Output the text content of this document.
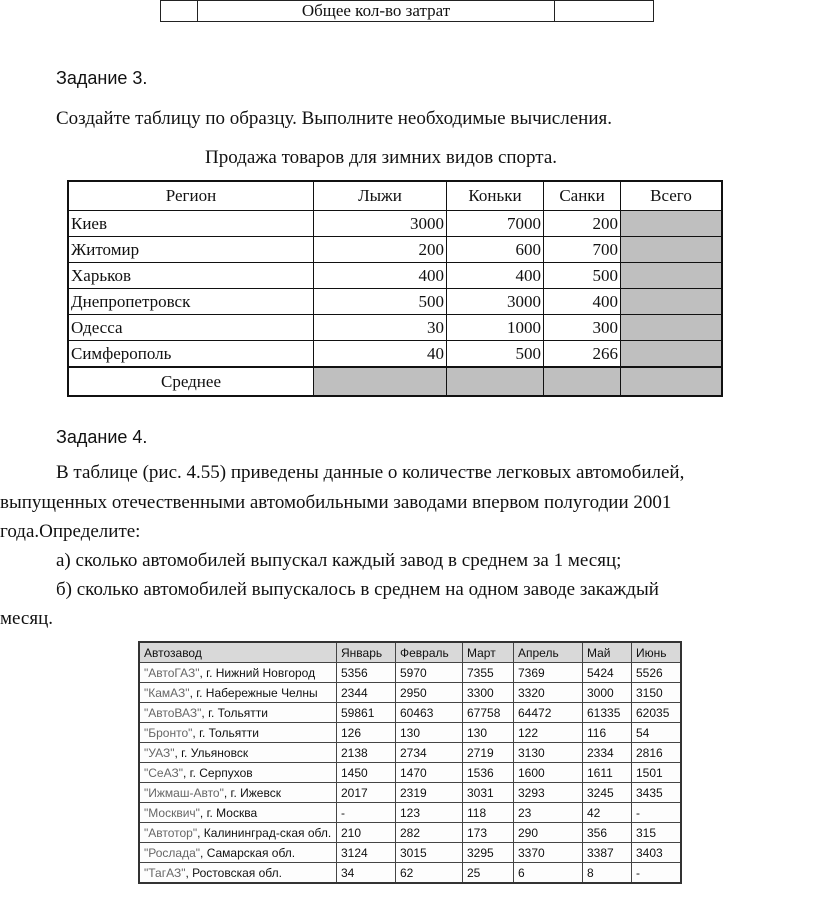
	Общее кол-во затрат	
Задание 3.
Создайте таблицу по образцу. Выполните необходимые вычисления.
Продажа товаров для зимних видов спорта.
Регион	Лыжи	Коньки	Санки	Всего
Киев	3000	7000	200	
Житомир	200	600	700	
Харьков	400	400	500	
Днепропетровск	500	3000	400	
Одесса	30	1000	300	
Симферополь	40	500	266	
Среднее				
Задание 4.
В таблице (рис. 4.55) приведены данные о количестве легковых автомобилей,
выпущенных отечественными автомобильными заводами впервом полугодии 2001
года.Определите:
а) сколько автомобилей выпускал каждый завод в среднем за 1 месяц;
б) сколько автомобилей выпускалось в среднем на одном заводе закаждый
месяц.
Автозавод	Январь	Февраль	Март	Апрель	Май	Июнь
"АвтоГАЗ", г. Нижний Новгород	5356	5970	7355	7369	5424	5526
"КамАЗ", г. Набережные Челны	2344	2950	3300	3320	3000	3150
"АвтоВАЗ", г. Тольятти	59861	60463	67758	64472	61335	62035
"Бронто", г. Тольятти	126	130	130	122	116	54
"УАЗ", г. Ульяновск	2138	2734	2719	3130	2334	2816
"СеАЗ", г. Серпухов	1450	1470	1536	1600	1611	1501
"Ижмаш-Авто", г. Ижевск	2017	2319	3031	3293	3245	3435
"Москвич", г. Москва	-	123	118	23	42	-
"Автотор", Калининград-ская обл.	210	282	173	290	356	315
"Рослада", Самарская обл.	3124	3015	3295	3370	3387	3403
"ТагАЗ", Ростовская обл.	34	62	25	6	8	-
